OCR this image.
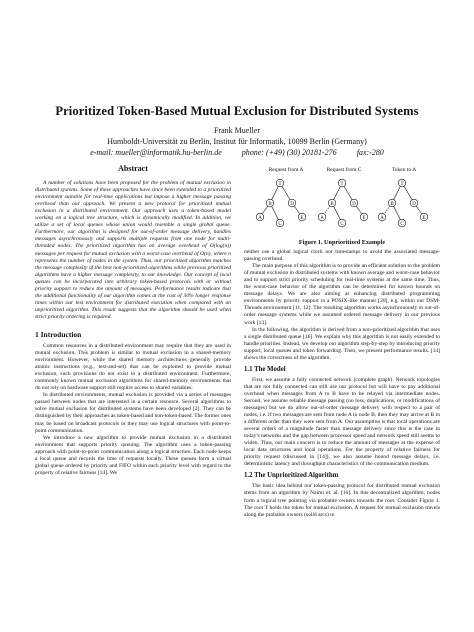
Prioritized Token-Based Mutual Exclusion for Distributed Systems
Frank Mueller
Humboldt-Universität zu Berlin, Institut für Informatik, 10099 Berlin (Germany)
e-mail: mueller@informatik.hu-berlin.de	phone: (+49) (30) 20181-276	fax:-280
Abstract

A number of solutions have been proposed for the problem of mutual exclusion in distributed systems. Some of these approaches have since been extended to a prioritized environment suitable for real-time applications but impose a higher message passing overhead than our approach. We present a new protocol for prioritized mutual exclusion in a distributed environment. Our approach uses a token-based model working on a logical tree structure, which is dynamically modified. In addition, we utilize a set of local queues whose union would resemble a single global queue. Furthermore, our algorithm is designed for out-of-order message delivery, handles messages asynchronously and supports multiple requests from one node for multi-threaded nodes. The prioritized algorithm has an average overhead of O(log(n)) messages per request for mutual exclusion with a worst-case overhead of O(n), where n represents the number of nodes in the system. Thus, our prioritized algorithm matches the message complexity of the best non-prioritized algorithms while previous prioritized algorithms have a higher message complexity, to our knowledge. Our concept of local queues can be incorporated into arbitrary token-based protocols with or without priority support to reduce the amount of messages. Performance results indicate that the additional functionality of our algorithm comes at the cost of 30% longer response times within our test environment for distributed execution when compared with an unprioritized algorithm. This result suggests that the algorithm should be used when strict priority ordering is required.

1 Introduction

Common resources in a distributed environment may require that they are used in mutual exclusion. This problem is similar to mutual exclusion in a shared-memory environment. However, while the shared memory architectures generally provide atomic instructions (e.g., test-and-set) that can be exploited to provide mutual exclusion, such provisions do not exist in a distributed environment. Furthermore, commonly known mutual exclusion algorithms for shared-memory environments that do not rely on hardware support still require access to shared variables.

In distributed environments, mutual exclusion is provided via a series of messages passed between nodes that are interested in a certain resource. Several algorithms to solve mutual exclusion for distributed systems have been developed [2]. They can be distinguished by their approaches as token-based and non-token-based. The former ones may be based on broadcast protocols or they may use logical structures with point-to-point communication.

We introduce a new algorithm to provide mutual exclusion in a distributed environment that supports priority queuing. The algorithm uses a token-passing approach with point-to-point communication along a logical structure. Each node keeps a local queue and records the time of requests locally. These queues form a virtual global queue ordered by priority and FIFO within each priority level with regard to the property of relative fairness [14]. We

Request from A	Request from C	Token to A
T
A
B
C
D
E
T
A
B
C
D
E
T
A
B
C
D
E
Figure 1. Unprioritized Example

neither use a global logical clock nor timestamps to avoid the associated message-passing overhead.

The main purpose of this algorithm is to provide an efficient solution to the problem of mutual exclusion in distributed systems with known average and worst-case behavior and to support strict priority scheduling for real-time systems at the same time. Thus, the worst-case behavior of the algorithm can be determined for known bounds on message delays. We are also aiming at enhancing distributed programming environments by priority support in a POSIX-like manner [20], e.g. within our DSM-Threads environment [11, 12]. The resulting algorithm works asynchronously in out-of-order message systems while we assumed ordered message delivery in our previous work [13].

In the following, the algorithm is derived from a non-prioritized algorithm that uses a single distributed queue [16]. We explain why this algorithm is not easily extended to handle priorities. Instead, we develop our algorithm step-by-step by introducing priority support, local queues and token forwarding. Then, we present performance results. [14] shows the correctness of the algorithm.

1.1 The Model

First, we assume a fully connected network (complete graph). Network topologies that are not fully connected can still use our protocol but will have to pay additional overhead when messages from A to B have to be relayed via intermediate nodes. Second, we assume reliable message passing (no loss, duplications, or modifications of messages) but we do allow out-of-order message delivery with respect to a pair of nodes, i.e. if two messages are sent from node A to node B, then they may arrive at B in a different order than they were sent from A. Our assumption is that local operations are several orders of a magnitude faster than message delivery since this is the case in today's networks and the gap between processor speed and network speed still seems to widen. Thus, our main concern is to reduce the amount of messages at the expense of local data structures and local operations. For the property of relative fairness for priority request (discussed in [14]), we also assume bound message delays, i.e. deterministic latency and throughput characteristics of the communication medium.

1.2 The Unprioritized Algorithm

The basic idea behind our token-passing protocol for distributed mutual exclusion stems from an algorithm by Naimi et. al. [16]. In this decentralized algorithm, nodes form a logical tree pointing via probable owners towards the root. Consider Figure 1. The root T holds the token for mutual exclusion. A request for mutual exclusion travels along the probable owners (solid arcs) to
